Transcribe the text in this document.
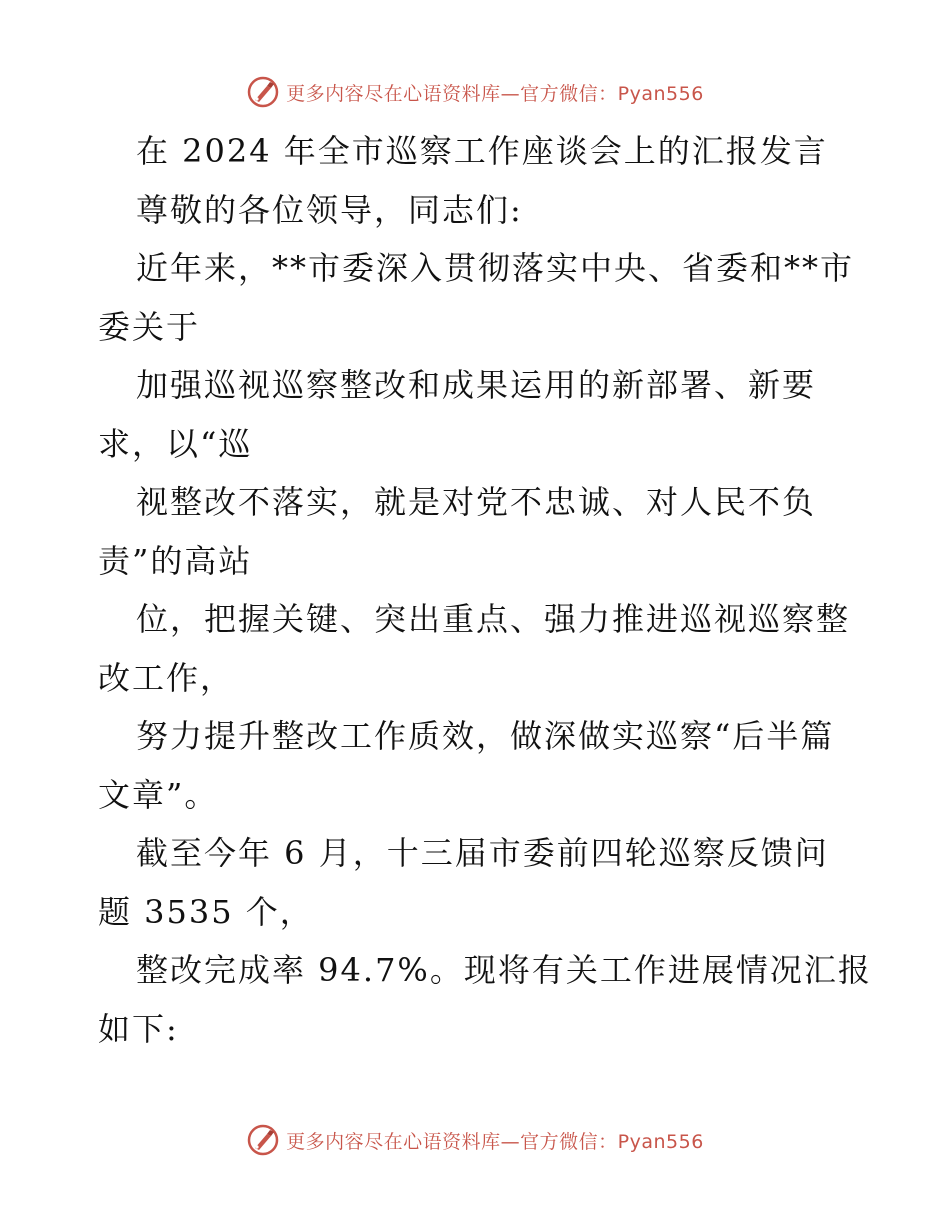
更多内容尽在心语资料库—官方微信：Pyan556
在 2024 年全市巡察工作座谈会上的汇报发言
尊敬的各位领导，同志们:
近年来，**市委深入贯彻落实中央、省委和**市
委关于
加强巡视巡察整改和成果运用的新部署、新要
求，以“巡
视整改不落实，就是对党不忠诚、对人民不负
责”的高站
位，把握关键、突出重点、强力推进巡视巡察整
改工作，
努力提升整改工作质效，做深做实巡察“后半篇
文章”。
截至今年 6 月，十三届市委前四轮巡察反馈问
题 3535 个，
整改完成率 94.7%。现将有关工作进展情况汇报
如下:
更多内容尽在心语资料库—官方微信：Pyan556
